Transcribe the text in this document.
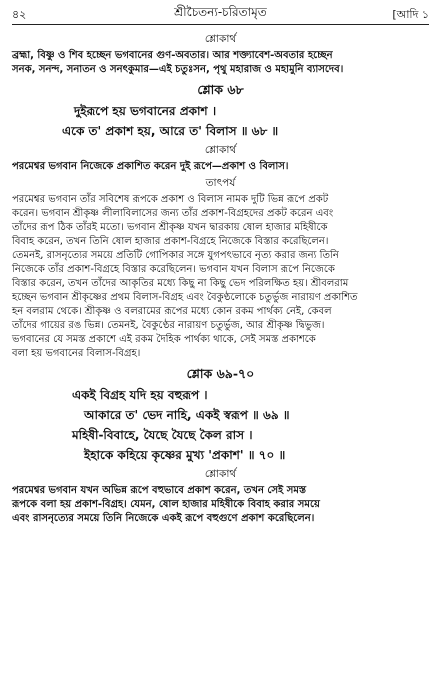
৪২	শ্রীচৈতন্য-চরিতামৃত	[আদি ১
শ্লোকার্থ
ব্রহ্মা, বিষ্ণু ও শিব হচ্ছেন ভগবানের গুণ-অবতার। আর শক্ত্যাবেশ-অবতার হচ্ছেন
সনক, সনন্দ, সনাতন ও সনৎকুমার—এই চতুঃসন, পৃথু মহারাজ ও মহামুনি ব্যাসদেব।
শ্লোক ৬৮
দুইরূপে হয় ভগবানের প্রকাশ ।
একে ত' প্রকাশ হয়, আরে ত' বিলাস ॥ ৬৮ ॥
শ্লোকার্থ
পরমেশ্বর ভগবান নিজেকে প্রকাশিত করেন দুই রূপে—প্রকাশ ও বিলাস।
তাৎপর্য
পরমেশ্বর ভগবান তাঁর সবিশেষ রূপকে প্রকাশ ও বিলাস নামক দুটি ভিন্ন রূপে প্রকট
করেন। ভগবান শ্রীকৃষ্ণ লীলাবিলাসের জন্য তাঁর প্রকাশ-বিগ্রহদের প্রকট করেন এবং
তাঁদের রূপ ঠিক তাঁরই মতো। ভগবান শ্রীকৃষ্ণ যখন দ্বারকায় ষোল হাজার মহিষীকে
বিবাহ করেন, তখন তিনি ষোল হাজার প্রকাশ-বিগ্রহে নিজেকে বিস্তার করেছিলেন।
তেমনই, রাসনৃত্যের সময়ে প্রতিটি গোপিকার সঙ্গে যুগপৎভাবে নৃত্য করার জন্য তিনি
নিজেকে তাঁর প্রকাশ-বিগ্রহে বিস্তার করেছিলেন। ভগবান যখন বিলাস রূপে নিজেকে
বিস্তার করেন, তখন তাঁদের আকৃতির মধ্যে কিছু না কিছু ভেদ পরিলক্ষিত হয়। শ্রীবলরাম
হচ্ছেন ভগবান শ্রীকৃষ্ণের প্রথম বিলাস-বিগ্রহ এবং বৈকুণ্ঠলোকে চতুর্ভুজ নারায়ণ প্রকাশিত
হন বলরাম থেকে। শ্রীকৃষ্ণ ও বলরামের রূপের মধ্যে কোন রকম পার্থক্য নেই, কেবল
তাঁদের গায়ের রঙ ভিন্ন। তেমনই, বৈকুণ্ঠের নারায়ণ চতুর্ভুজ, আর শ্রীকৃষ্ণ দ্বিভুজ।
ভগবানের যে সমস্ত প্রকাশে এই রকম দৈহিক পার্থক্য থাকে, সেই সমস্ত প্রকাশকে
বলা হয় ভগবানের বিলাস-বিগ্রহ।
শ্লোক ৬৯-৭০
একই বিগ্রহ যদি হয় বহুরূপ ।
আকারে ত' ভেদ নাহি, একই স্বরূপ ॥ ৬৯ ॥
মহিষী-বিবাহে, যৈছে যৈছে কৈল রাস ।
ইহাকে কহিয়ে কৃষ্ণের মুখ্য 'প্রকাশ' ॥ ৭০ ॥
শ্লোকার্থ
পরমেশ্বর ভগবান যখন অভিন্ন রূপে বহুভাবে প্রকাশ করেন, তখন সেই সমস্ত
রূপকে বলা হয় প্রকাশ-বিগ্রহ। যেমন, ষোল হাজার মহিষীকে বিবাহ করার সময়ে
এবং রাসনৃত্যের সময়ে তিনি নিজেকে একই রূপে বহুগুণে প্রকাশ করেছিলেন।
